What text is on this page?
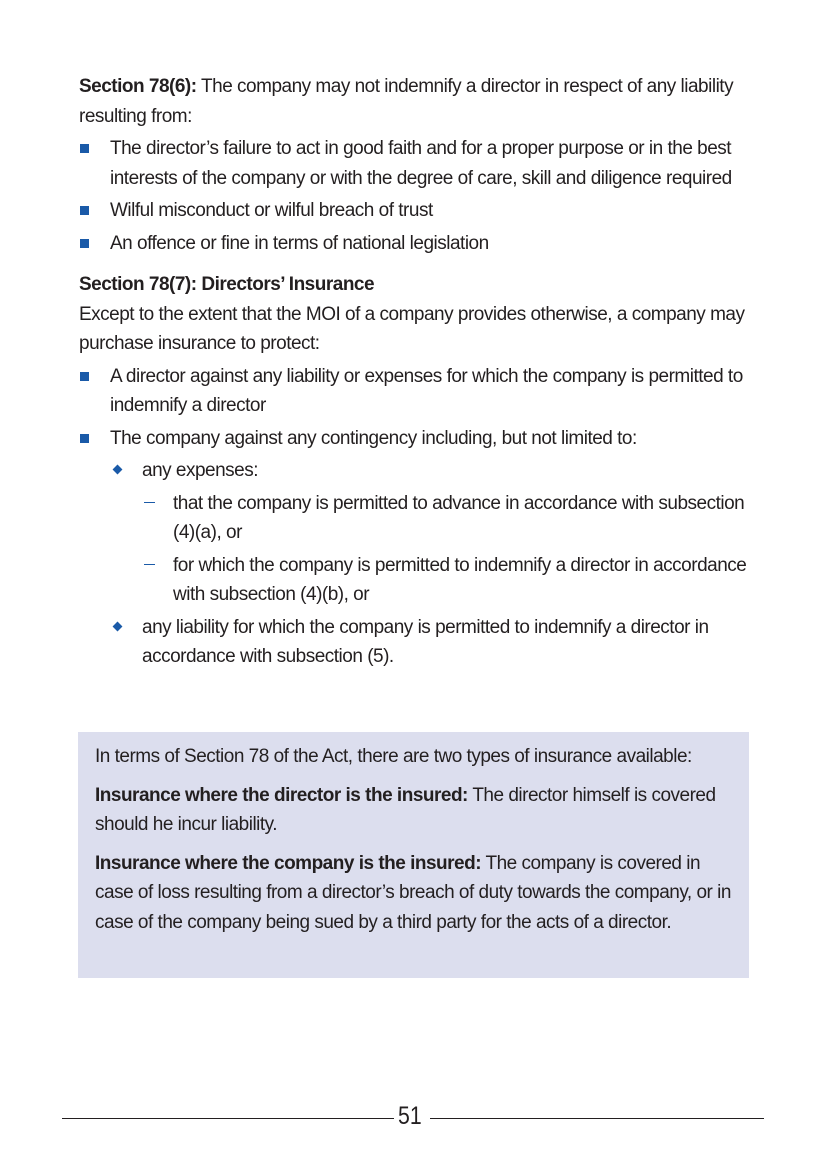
Section 78(6): The company may not indemnify a director in respect of any liability resulting from:

The director’s failure to act in good faith and for a proper purpose or in the best interests of the company or with the degree of care, skill and diligence required
Wilful misconduct or wilful breach of trust
An offence or fine in terms of national legislation

Section 78(7): Directors’ Insurance

Except to the extent that the MOI of a company provides otherwise, a company may purchase insurance to protect:

A director against any liability or expenses for which the company is permitted to indemnify a director
The company against any contingency including, but not limited to:
any expenses:
that the company is permitted to advance in accordance with subsection (4)(a), or
for which the company is permitted to indemnify a director in accordance with subsection (4)(b), or
any liability for which the company is permitted to indemnify a director in accordance with subsection (5).

In terms of Section 78 of the Act, there are two types of insurance available:

Insurance where the director is the insured: The director himself is covered should he incur liability.

Insurance where the company is the insured: The company is covered in case of loss resulting from a director’s breach of duty towards the company, or in case of the company being sued by a third party for the acts of a director.

51
